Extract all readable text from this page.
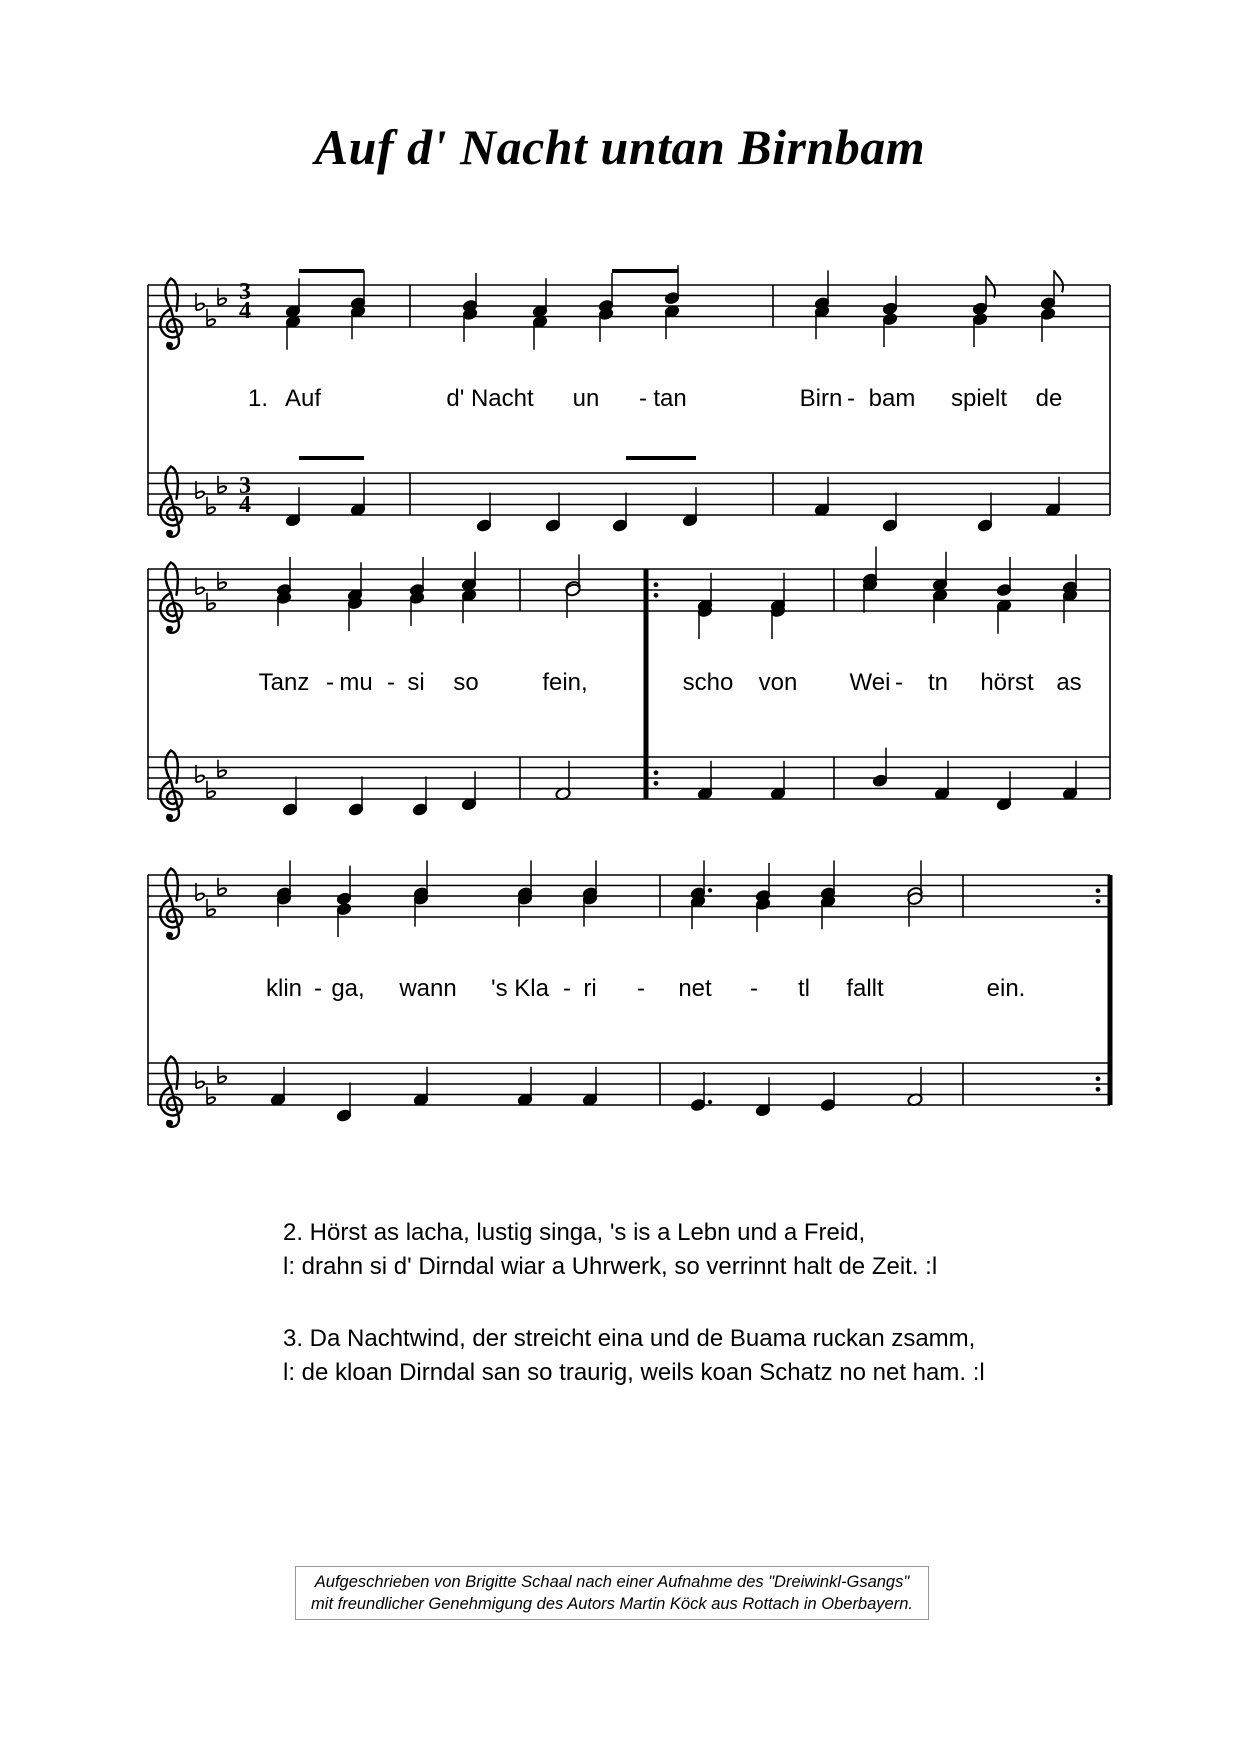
Auf d' Nacht untan Birnbam
3
4
3
4
1. Auf	d' Nacht un - tan	Birn - bam spielt de
Tanz - mu - si so	fein,	scho von Wei - tn hörst as
klin - ga, wann 's Kla - ri - net - tl fallt	ein.

2. Hörst as lacha, lustig singa, 's is a Lebn und a Freid,
l: drahn si d' Dirndal wiar a Uhrwerk, so verrinnt halt de Zeit. :l

3. Da Nachtwind, der streicht eina und de Buama ruckan zsamm,
l: de kloan Dirndal san so traurig, weils koan Schatz no net ham. :l

Aufgeschrieben von Brigitte Schaal nach einer Aufnahme des "Dreiwinkl-Gsangs"
mit freundlicher Genehmigung des Autors Martin Köck aus Rottach in Oberbayern.
